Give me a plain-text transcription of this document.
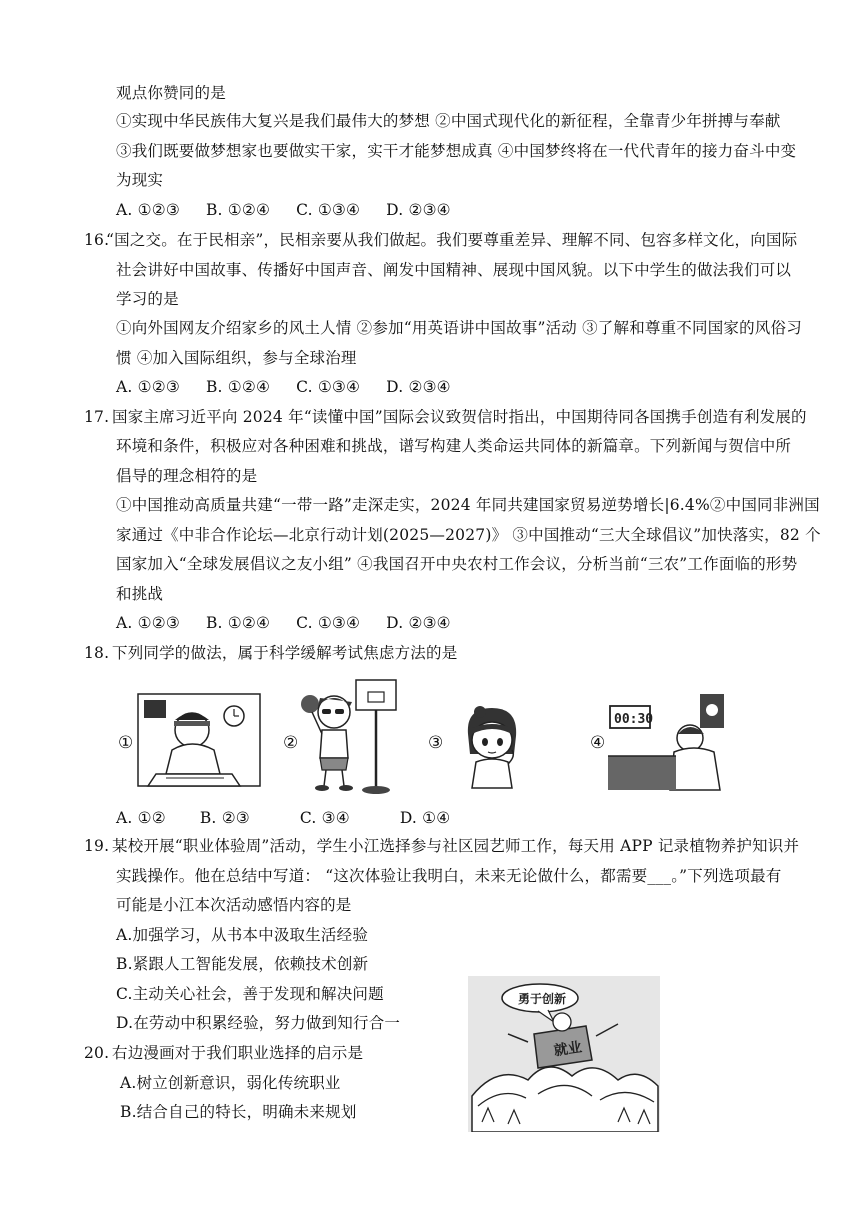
观点你赞同的是
①实现中华民族伟大复兴是我们最伟大的梦想 ②中国式现代化的新征程，全靠青少年拼搏与奉献
③我们既要做梦想家也要做实干家，实干才能梦想成真 ④中国梦终将在一代代青年的接力奋斗中变
为现实
A. ①②③ B. ①②④ C. ①③④ D. ②③④
16.
“国之交。在于民相亲”，民相亲要从我们做起。我们要尊重差异、理解不同、包容多样文化，向国际
社会讲好中国故事、传播好中国声音、阐发中国精神、展现中国风貌。以下中学生的做法我们可以
学习的是
①向外国网友介绍家乡的风土人情 ②参加“用英语讲中国故事”活动 ③了解和尊重不同国家的风俗习
惯 ④加入国际组织，参与全球治理
A. ①②③ B. ①②④ C. ①③④ D. ②③④
17. 国家主席习近平向 2024 年“读懂中国”国际会议致贺信时指出，中国期待同各国携手创造有利发展的
环境和条件，积极应对各种困难和挑战，谱写构建人类命运共同体的新篇章。下列新闻与贺信中所
倡导的理念相符的是
①中国推动高质量共建“一带一路”走深走实，2024 年同共建国家贸易逆势增长|6.4%②中国同非洲国
家通过《中非合作论坛—北京行动计划(2025—2027)》 ③中国推动“三大全球倡议”加快落实，82 个
国家加入“全球发展倡议之友小组” ④我国召开中央农村工作会议，分析当前“三农”工作面临的形势
和挑战
A. ①②③ B. ①②④ C. ①③④ D. ②③④
18. 下列同学的做法，属于科学缓解考试焦虑方法的是
①	②	③	④
00:30
A. ①② B. ②③	C. ③④	D. ①④
19. 某校开展“职业体验周”活动，学生小江选择参与社区园艺师工作，每天用 APP 记录植物养护知识并
实践操作。他在总结中写道： “这次体验让我明白，未来无论做什么，都需要___。”下列选项最有
可能是小江本次活动感悟内容的是
A.加强学习，从书本中汲取生活经验
B.紧跟人工智能发展，依赖技术创新
C.主动关心社会，善于发现和解决问题
D.在劳动中积累经验，努力做到知行合一
20. 右边漫画对于我们职业选择的启示是
A.树立创新意识，弱化传统职业
B.结合自己的特长，明确未来规划
勇于创新
就业
